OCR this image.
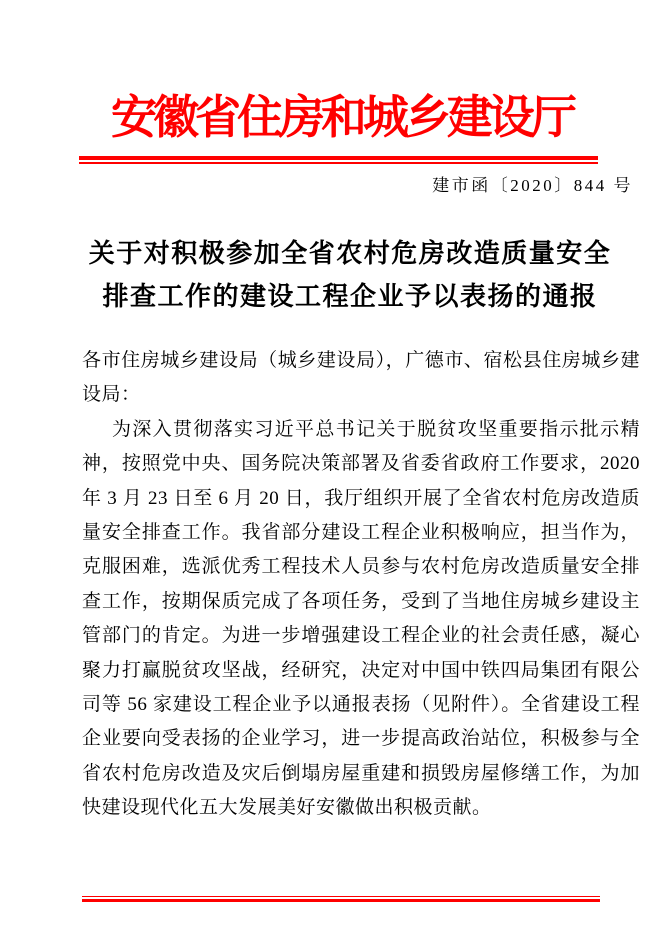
安徽省住房和城乡建设厅
建市函〔2020〕844 号
关于对积极参加全省农村危房改造质量安全
排查工作的建设工程企业予以表扬的通报
各市住房城乡建设局（城乡建设局），广德市、宿松县住房城乡建
设局：
为深入贯彻落实习近平总书记关于脱贫攻坚重要指示批示精
神，按照党中央、国务院决策部署及省委省政府工作要求，2020
年 3 月 23 日至 6 月 20 日，我厅组织开展了全省农村危房改造质
量安全排查工作。我省部分建设工程企业积极响应，担当作为，
克服困难，选派优秀工程技术人员参与农村危房改造质量安全排
查工作，按期保质完成了各项任务，受到了当地住房城乡建设主
管部门的肯定。为进一步增强建设工程企业的社会责任感，凝心
聚力打赢脱贫攻坚战，经研究，决定对中国中铁四局集团有限公
司等 56 家建设工程企业予以通报表扬（见附件）。全省建设工程
企业要向受表扬的企业学习，进一步提高政治站位，积极参与全
省农村危房改造及灾后倒塌房屋重建和损毁房屋修缮工作，为加
快建设现代化五大发展美好安徽做出积极贡献。
